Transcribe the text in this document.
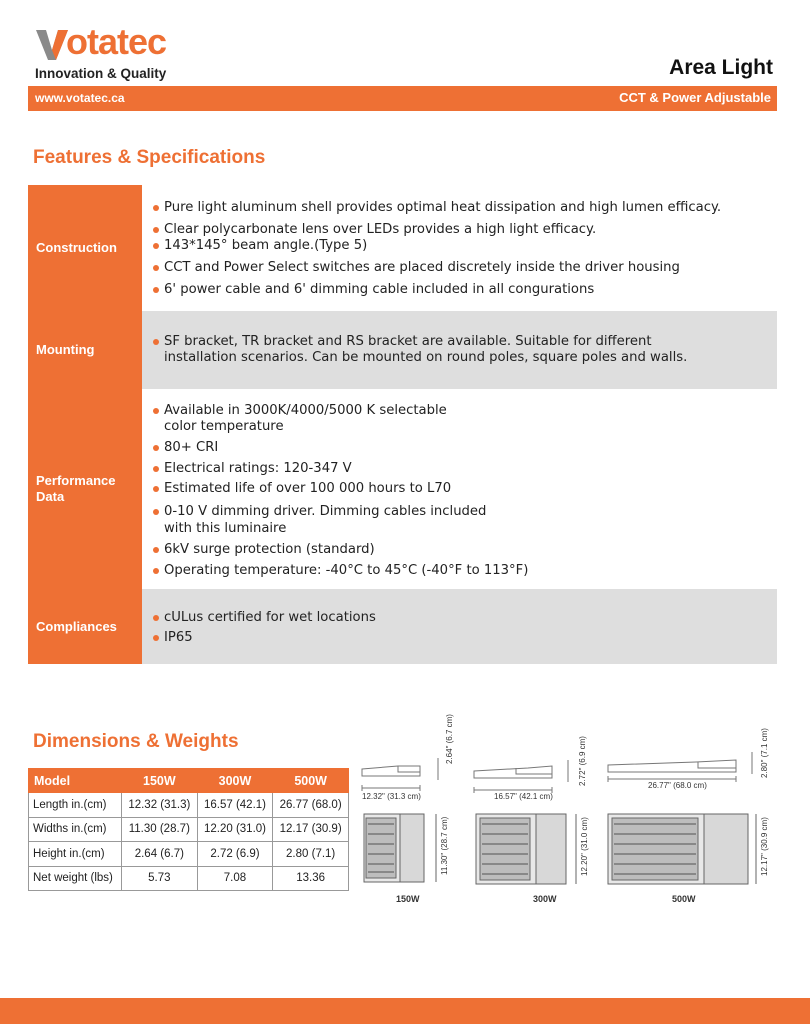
otatec
Innovation & Quality	Area Light
www.votatec.ca	CCT & Power Adjustable
Features & Specifications
Construction
Pure light aluminum shell provides optimal heat dissipation and high lumen efficacy.
Clear polycarbonate lens over LEDs provides a high light efficacy.
143*145° beam angle.(Type 5)
CCT and Power Select switches are placed discretely inside the driver housing
6' power cable and 6' dimming cable included in all congurations
Mounting
SF bracket, TR bracket and RS bracket are available. Suitable for different
installation scenarios. Can be mounted on round poles, square poles and walls.
Performance
Data
Available in 3000K/4000/5000 K selectable
color temperature
80+ CRI
Electrical ratings: 120-347 V
Estimated life of over 100 000 hours to L70
0-10 V dimming driver. Dimming cables included
with this luminaire
6kV surge protection (standard)
Operating temperature: -40°C to 45°C (-40°F to 113°F)
Compliances
cULus certified for wet locations
IP65
Dimensions & Weights
Model	150W	300W	500W
Length in.(cm)	12.32 (31.3)	16.57 (42.1)	26.77 (68.0)
Widths in.(cm)	11.30 (28.7)	12.20 (31.0)	12.17 (30.9)
Height in.(cm)	2.64 (6.7)	2.72 (6.9)	2.80 (7.1)
Net weight (lbs)	5.73	7.08	13.36
12.32" (31.3 cm)	16.57" (42.1 cm)
26.77" (68.0 cm)
2.64" (6.7 cm)	2.72" (6.9 cm)	2.80" (7.1 cm)
11.30" (28.7 cm)	12.20" (31.0 cm)	12.17" (30.9 cm)
150W	300W	500W
